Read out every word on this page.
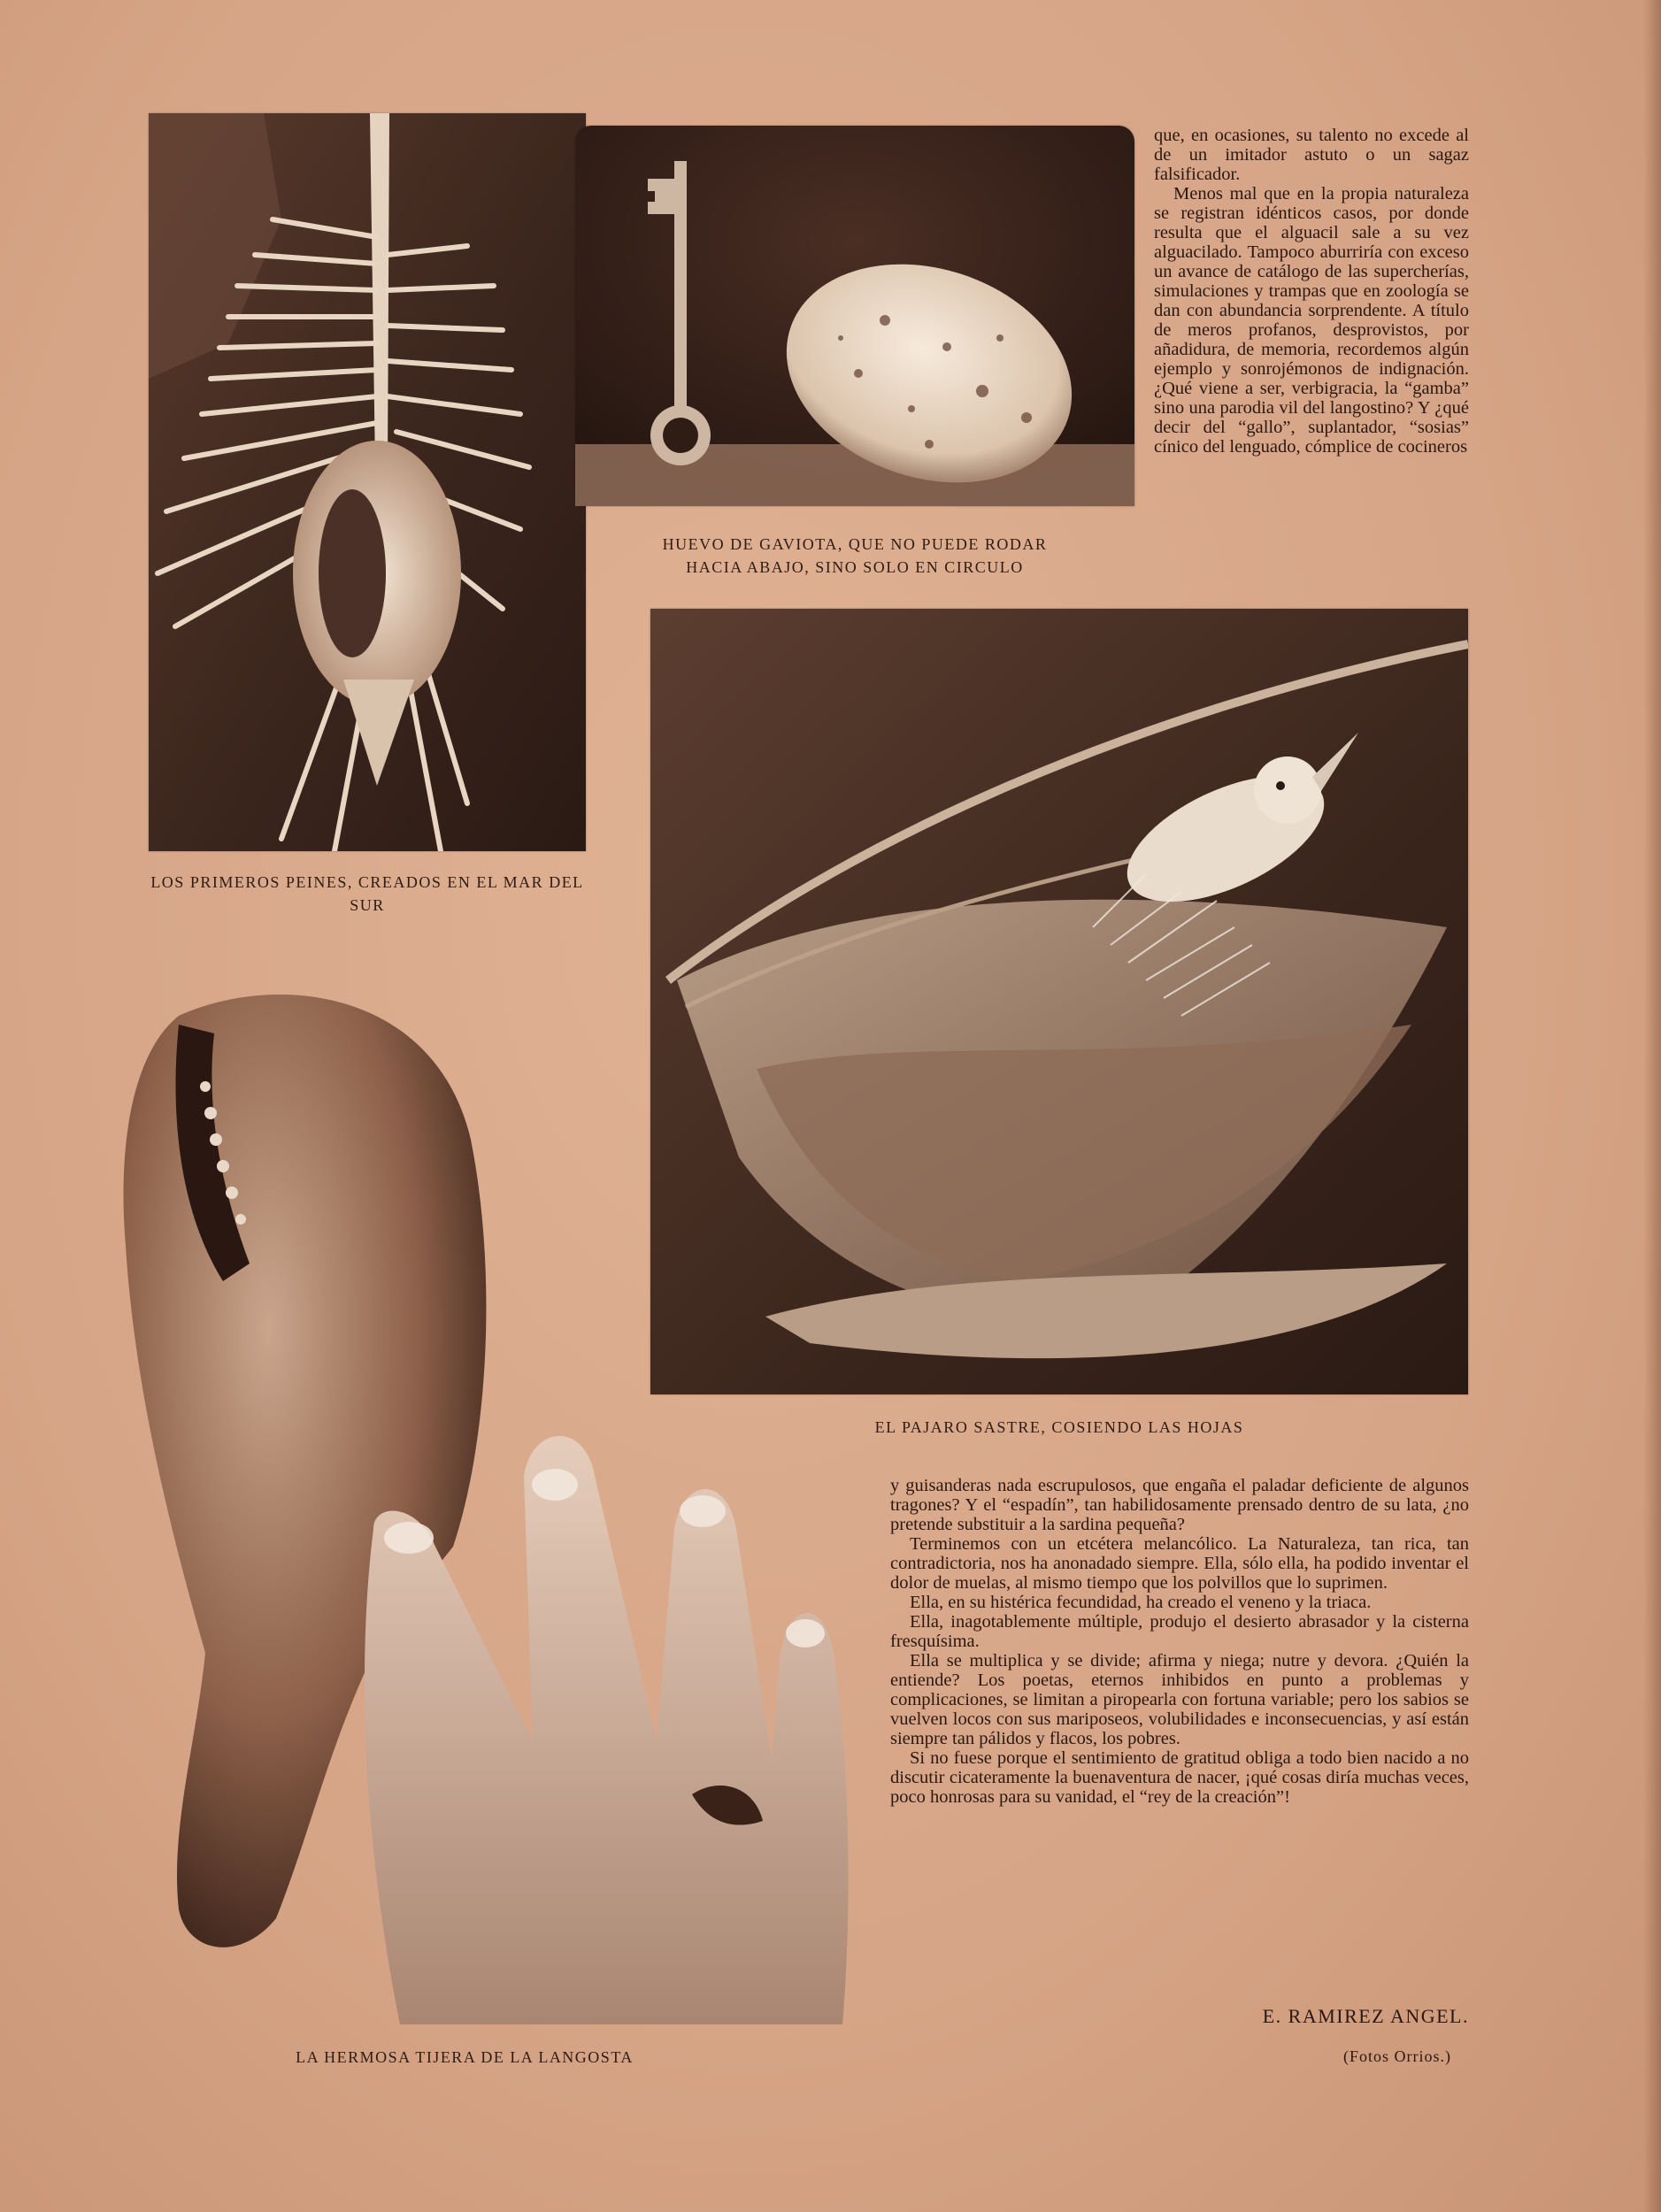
LOS PRIMEROS PEINES, CREADOS EN EL MAR DEL SUR

HUEVO DE GAVIOTA, QUE NO PUEDE RODAR

HACIA ABAJO, SINO SOLO EN CIRCULO

EL PAJARO SASTRE, COSIENDO LAS HOJAS

LA HERMOSA TIJERA DE LA LANGOSTA

que, en ocasiones, su talento no excede al de un imitador astuto o un sagaz falsificador.

Menos mal que en la propia naturaleza se registran idénticos casos, por donde resulta que el alguacil sale a su vez alguacilado. Tampoco aburriría con exceso un avance de catálogo de las supercherías, simulaciones y trampas que en zoología se dan con abundancia sorprendente. A título de meros profanos, desprovistos, por añadidura, de memoria, recordemos algún ejemplo y sonrojémonos de indignación. ¿Qué viene a ser, verbigracia, la “gamba” sino una parodia vil del langostino? Y ¿qué decir del “gallo”, suplantador, “sosias” cínico del lenguado, cómplice de cocineros

y guisanderas nada escrupulosos, que engaña el paladar deficiente de algunos tragones? Y el “espadín”, tan habilidosamente prensado dentro de su lata, ¿no pretende substituir a la sardina pequeña?

Terminemos con un etcétera melancólico. La Naturaleza, tan rica, tan contradictoria, nos ha anonadado siempre. Ella, sólo ella, ha podido inventar el dolor de muelas, al mismo tiempo que los polvillos que lo suprimen.

Ella, en su histérica fecundidad, ha creado el veneno y la triaca.

Ella, inagotablemente múltiple, produjo el desierto abrasador y la cisterna fresquísima.

Ella se multiplica y se divide; afirma y niega; nutre y devora. ¿Quién la entiende? Los poetas, eternos inhibidos en punto a problemas y complicaciones, se limitan a piropearla con fortuna variable; pero los sabios se vuelven locos con sus mariposeos, volubilidades e inconsecuencias, y así están siempre tan pálidos y flacos, los pobres.

Si no fuese porque el sentimiento de gratitud obliga a todo bien nacido a no discutir cicateramente la buenaventura de nacer, ¡qué cosas diría muchas veces, poco honrosas para su vanidad, el “rey de la creación”!

E. RAMIREZ ANGEL.

(Fotos Orrios.)
